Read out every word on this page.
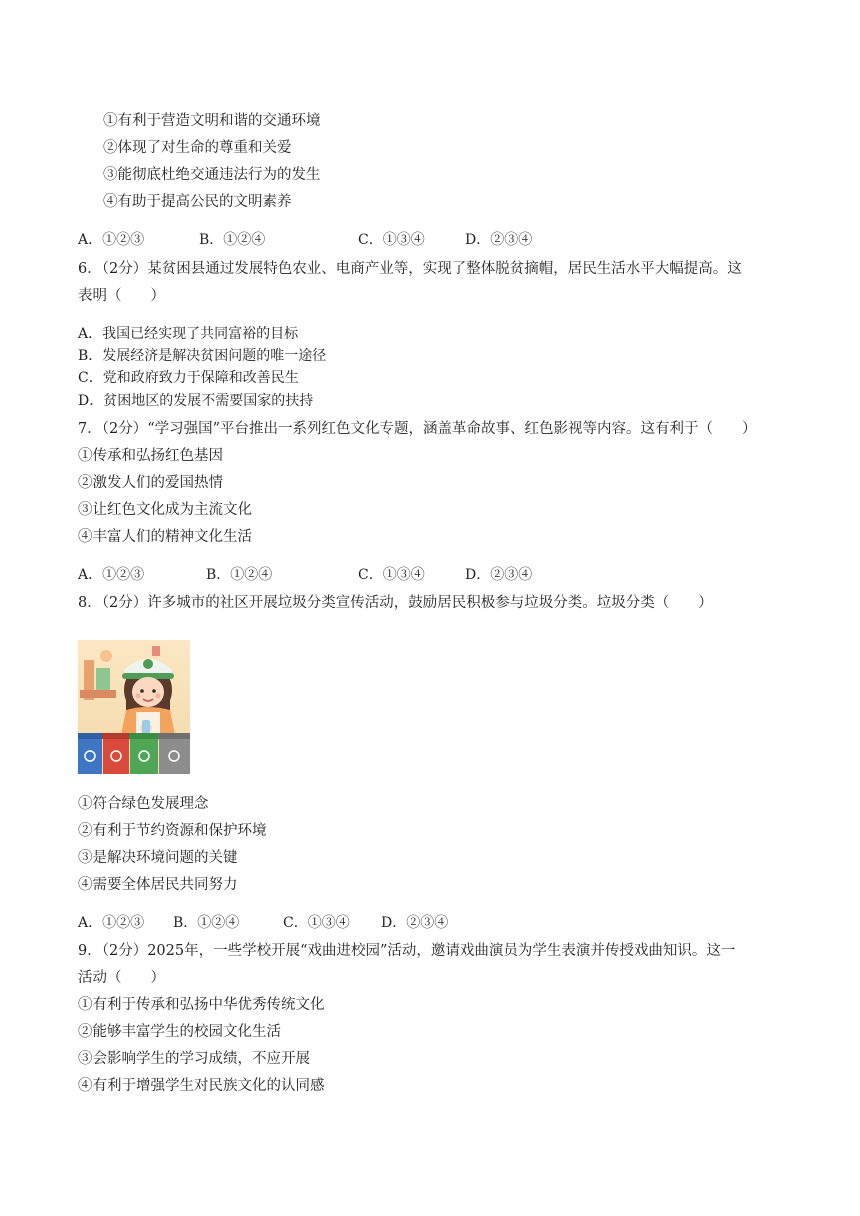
①有利于营造文明和谐的交通环境
②体现了对生命的尊重和关爱
③能彻底杜绝交通违法行为的发生
④有助于提高公民的文明素养
A．①②③	B．①②④	C．①③④	D．②③④
6．（2分）某贫困县通过发展特色农业、电商产业等，实现了整体脱贫摘帽，居民生活水平大幅提高。这
表明（　　）
A．我国已经实现了共同富裕的目标
B．发展经济是解决贫困问题的唯一途径
C．党和政府致力于保障和改善民生
D．贫困地区的发展不需要国家的扶持
7．（2分）“学习强国”平台推出一系列红色文化专题，涵盖革命故事、红色影视等内容。这有利于（　　）
①传承和弘扬红色基因
②激发人们的爱国热情
③让红色文化成为主流文化
④丰富人们的精神文化生活
A．①②③	B．①②④	C．①③④	D．②③④
8．（2分）许多城市的社区开展垃圾分类宣传活动，鼓励居民积极参与垃圾分类。垃圾分类（　　）
①符合绿色发展理念
②有利于节约资源和保护环境
③是解决环境问题的关键
④需要全体居民共同努力
A．①②③ B．①②④	C．①③④ D．②③④
9．（2分）2025年，一些学校开展“戏曲进校园”活动，邀请戏曲演员为学生表演并传授戏曲知识。这一
活动（　　）
①有利于传承和弘扬中华优秀传统文化
②能够丰富学生的校园文化生活
③会影响学生的学习成绩，不应开展
④有利于增强学生对民族文化的认同感
